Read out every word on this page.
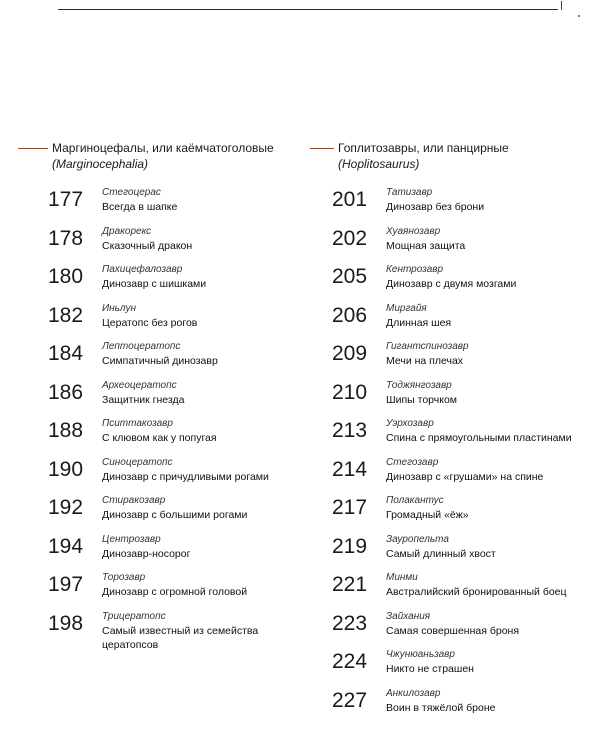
Маргиноцефалы, или каёмчатоголовые
(Marginocephalia)
177 Стегоцерас
Всегда в шапке
178 Дракорекс
Сказочный дракон
180 Пахицефалозавр
Динозавр с шишками
182 Иньлун
Цератопс без рогов
184 Лептоцератопс
Симпатичный динозавр
186 Археоцератопс
Защитник гнезда
188 Пситтакозавр
С клювом как у попугая
190 Синоцератопс
Динозавр с причудливыми рогами
192 Стиракозавр
Динозавр с большими рогами
194 Центрозавр
Динозавр-носорог
197 Торозавр
Динозавр с огромной головой
198 Трицератопс
Самый известный из семейства
цератопсов
Гоплитозавры, или панцирные
(Hoplitosaurus)
201 Татизавр
Динозавр без брони
202 Хуаянозавр
Мощная защита
205 Кентрозавр
Динозавр с двумя мозгами
206 Миргайя
Длинная шея
209 Гигантспинозавр
Мечи на плечах
210 Тоджянгозавр
Шипы торчком
213 Уэрхозавр
Спина с прямоугольными пластинами
214 Стегозавр
Динозавр с «грушами» на спине
217 Полакантус
Громадный «ёж»
219 Зауропельта
Самый длинный хвост
221 Минми
Австралийский бронированный боец
223 Зайхания
Самая совершенная броня
224 Чжунюаньзавр
Никто не страшен
227 Анкилозавр
Воин в тяжёлой броне
